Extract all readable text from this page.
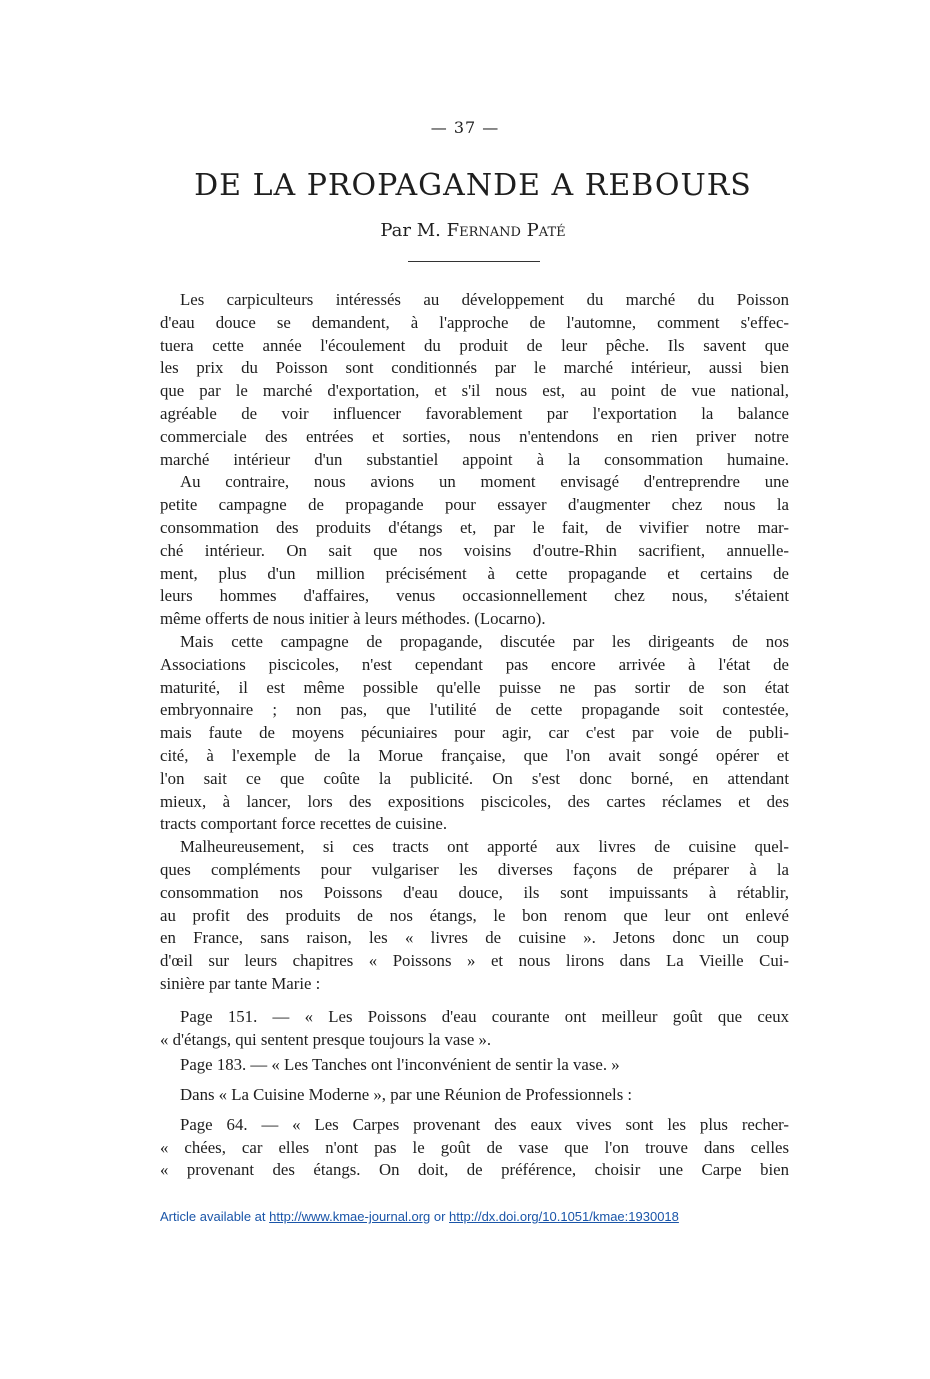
— 37 —
DE LA PROPAGANDE A REBOURS
Par M. Fernand Paté
Les carpiculteurs intéressés au développement du marché du Poisson
d'eau douce se demandent, à l'approche de l'automne, comment s'effec-
tuera cette année l'écoulement du produit de leur pêche. Ils savent que
les prix du Poisson sont conditionnés par le marché intérieur, aussi bien
que par le marché d'exportation, et s'il nous est, au point de vue national,
agréable de voir influencer favorablement par l'exportation la balance
commerciale des entrées et sorties, nous n'entendons en rien priver notre
marché intérieur d'un substantiel appoint à la consommation humaine.
Au contraire, nous avions un moment envisagé d'entreprendre une
petite campagne de propagande pour essayer d'augmenter chez nous la
consommation des produits d'étangs et, par le fait, de vivifier notre mar-
ché intérieur. On sait que nos voisins d'outre-Rhin sacrifient, annuelle-
ment, plus d'un million précisément à cette propagande et certains de
leurs hommes d'affaires, venus occasionnellement chez nous, s'étaient
même offerts de nous initier à leurs méthodes. (Locarno).
Mais cette campagne de propagande, discutée par les dirigeants de nos
Associations piscicoles, n'est cependant pas encore arrivée à l'état de
maturité, il est même possible qu'elle puisse ne pas sortir de son état
embryonnaire ; non pas, que l'utilité de cette propagande soit contestée,
mais faute de moyens pécuniaires pour agir, car c'est par voie de publi-
cité, à l'exemple de la Morue française, que l'on avait songé opérer et
l'on sait ce que coûte la publicité. On s'est donc borné, en attendant
mieux, à lancer, lors des expositions piscicoles, des cartes réclames et des
tracts comportant force recettes de cuisine.
Malheureusement, si ces tracts ont apporté aux livres de cuisine quel-
ques compléments pour vulgariser les diverses façons de préparer à la
consommation nos Poissons d'eau douce, ils sont impuissants à rétablir,
au profit des produits de nos étangs, le bon renom que leur ont enlevé
en France, sans raison, les « livres de cuisine ». Jetons donc un coup
d'œil sur leurs chapitres « Poissons » et nous lirons dans La Vieille Cui-
sinière par tante Marie :
Page 151. — « Les Poissons d'eau courante ont meilleur goût que ceux
« d'étangs, qui sentent presque toujours la vase ».
Page 183. — « Les Tanches ont l'inconvénient de sentir la vase. »
Dans « La Cuisine Moderne », par une Réunion de Professionnels :
Page 64. — « Les Carpes provenant des eaux vives sont les plus recher-
« chées, car elles n'ont pas le goût de vase que l'on trouve dans celles
« provenant des étangs. On doit, de préférence, choisir une Carpe bien
Article available at http://www.kmae-journal.org or http://dx.doi.org/10.1051/kmae:1930018
